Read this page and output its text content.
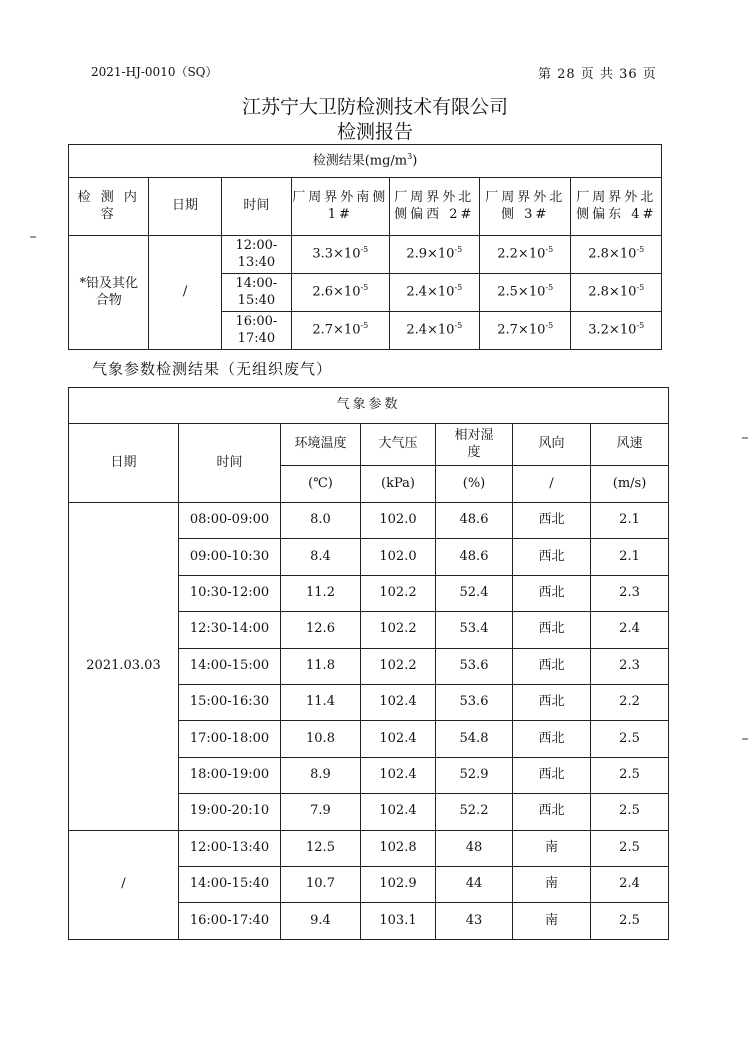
2021-HJ-0010（SQ）	第 28 页 共 36 页
江苏宁大卫防检测技术有限公司
检测报告
检测结果$(mg/m^3)$						
检 测 内 容	日期	时间	厂周界外南侧 1#	厂周界外北侧偏西 2#	厂周界外北侧 3#	厂周界外北侧偏东 4#
*铅及其化合物	/	12:00-13:40	$3.3\times 10^{-5}$	$2.9\times 10^{-5}$	$2.2\times 10^{-5}$	$2.8\times 10^{-5}$
		14:00-15:40	$2.6\times 10^{-5}$	$2.4\times 10^{-5}$	$2.5\times 10^{-5}$	$2.8\times 10^{-5}$
		16:00-17:40	$2.7\times 10^{-5}$	$2.4\times 10^{-5}$	$2.7\times 10^{-5}$	$3.2\times 10^{-5}$
气象参数检测结果（无组织废气）
气象参数						
日期	时间	环境温度	大气压	相对湿度	风向	风速
		(℃)	(kPa)	(%)	/	(m/s)
2021.03.03	08:00-09:00	8.0	102.0	48.6	西北	2.1
	09:00-10:30	8.4	102.0	48.6	西北	2.1
	10:30-12:00	11.2	102.2	52.4	西北	2.3
	12:30-14:00	12.6	102.2	53.4	西北	2.4
	14:00-15:00	11.8	102.2	53.6	西北	2.3
	15:00-16:30	11.4	102.4	53.6	西北	2.2
	17:00-18:00	10.8	102.4	54.8	西北	2.5
	18:00-19:00	8.9	102.4	52.9	西北	2.5
	19:00-20:10	7.9	102.4	52.2	西北	2.5
/	12:00-13:40	12.5	102.8	48	南	2.5
	14:00-15:40	10.7	102.9	44	南	2.4
	16:00-17:40	9.4	103.1	43	南	2.5
